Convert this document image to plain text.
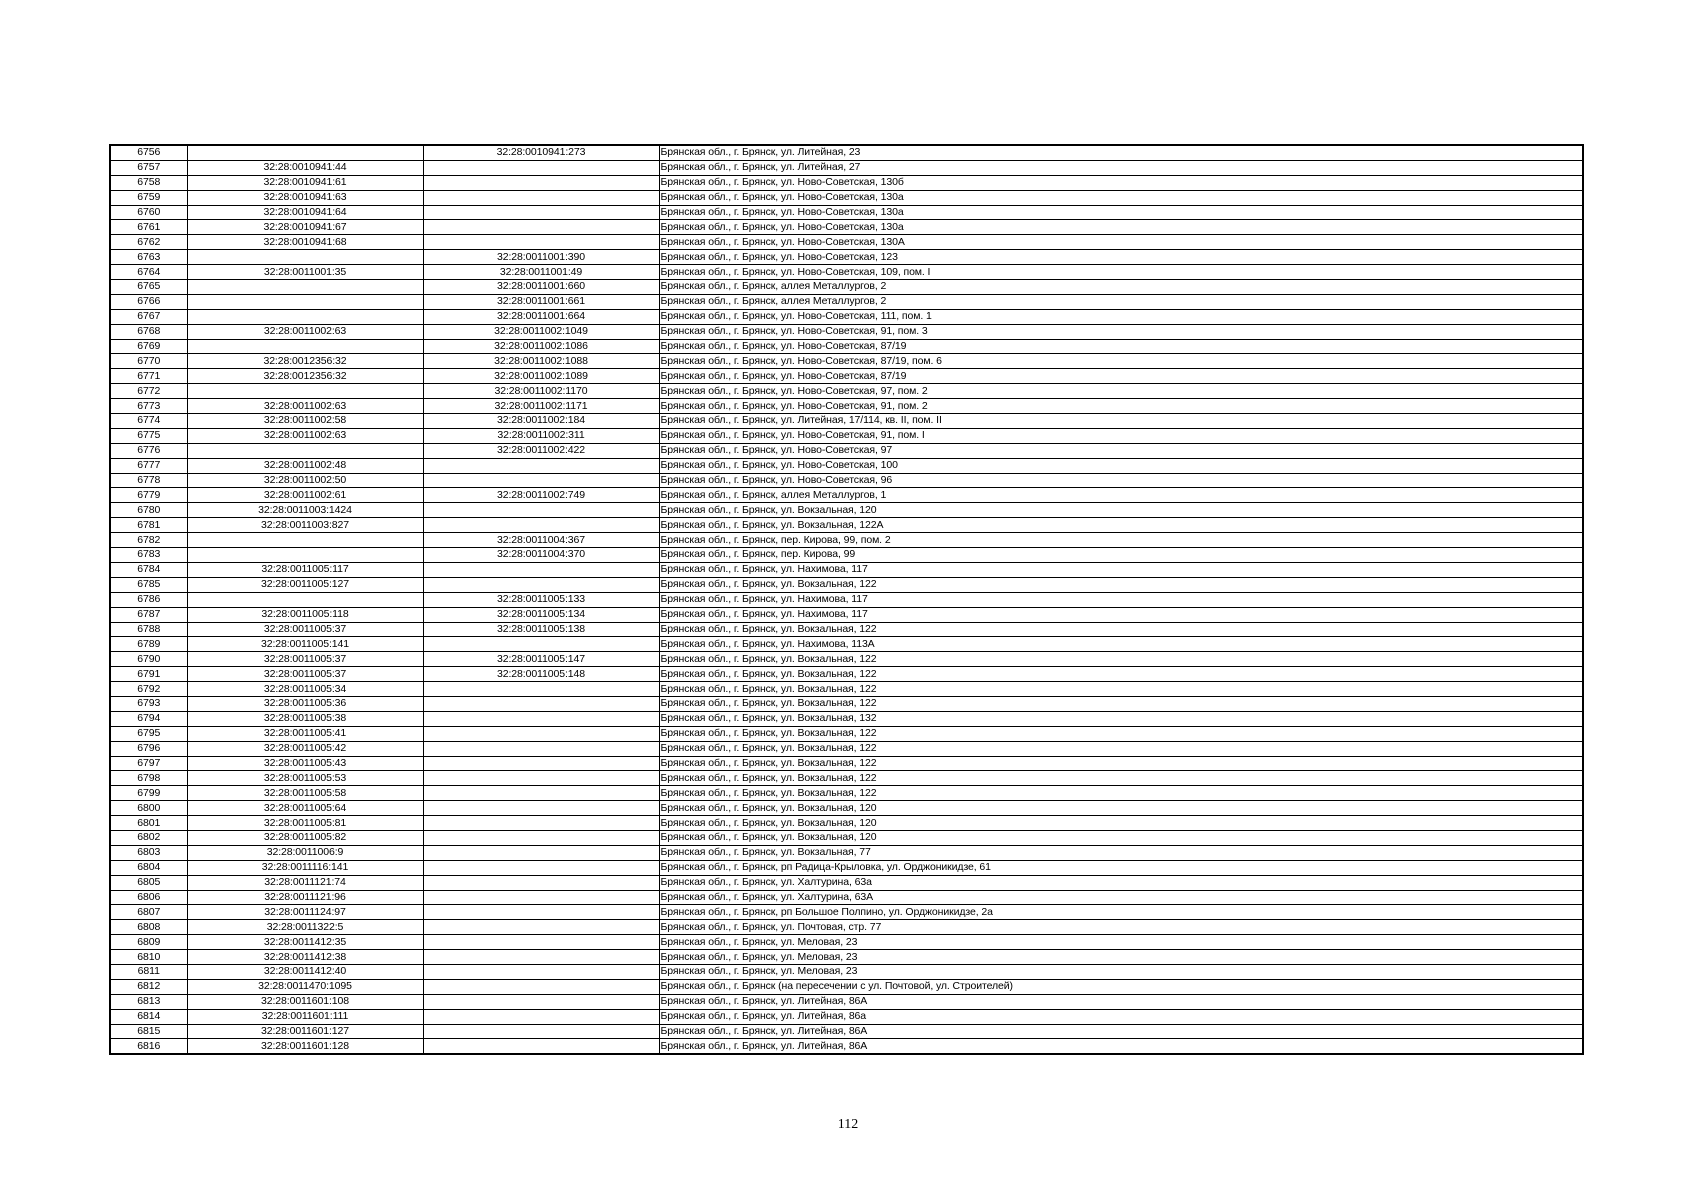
6756		32:28:0010941:273	Брянская обл., г. Брянск, ул. Литейная, 23
6757	32:28:0010941:44		Брянская обл., г. Брянск, ул. Литейная, 27
6758	32:28:0010941:61		Брянская обл., г. Брянск, ул. Ново-Советская, 130б
6759	32:28:0010941:63		Брянская обл., г. Брянск, ул. Ново-Советская, 130а
6760	32:28:0010941:64		Брянская обл., г. Брянск, ул. Ново-Советская, 130а
6761	32:28:0010941:67		Брянская обл., г. Брянск, ул. Ново-Советская, 130а
6762	32:28:0010941:68		Брянская обл., г. Брянск, ул. Ново-Советская, 130А
6763		32:28:0011001:390	Брянская обл., г. Брянск, ул. Ново-Советская, 123
6764	32:28:0011001:35	32:28:0011001:49	Брянская обл., г. Брянск, ул. Ново-Советская, 109, пом. I
6765		32:28:0011001:660	Брянская обл., г. Брянск, аллея Металлургов, 2
6766		32:28:0011001:661	Брянская обл., г. Брянск, аллея Металлургов, 2
6767		32:28:0011001:664	Брянская обл., г. Брянск, ул. Ново-Советская, 111, пом. 1
6768	32:28:0011002:63	32:28:0011002:1049	Брянская обл., г. Брянск, ул. Ново-Советская, 91, пом. 3
6769		32:28:0011002:1086	Брянская обл., г. Брянск, ул. Ново-Советская, 87/19
6770	32:28:0012356:32	32:28:0011002:1088	Брянская обл., г. Брянск, ул. Ново-Советская, 87/19, пом. 6
6771	32:28:0012356:32	32:28:0011002:1089	Брянская обл., г. Брянск, ул. Ново-Советская, 87/19
6772		32:28:0011002:1170	Брянская обл., г. Брянск, ул. Ново-Советская, 97, пом. 2
6773	32:28:0011002:63	32:28:0011002:1171	Брянская обл., г. Брянск, ул. Ново-Советская, 91, пом. 2
6774	32:28:0011002:58	32:28:0011002:184	Брянская обл., г. Брянск, ул. Литейная, 17/114, кв. II, пом. II
6775	32:28:0011002:63	32:28:0011002:311	Брянская обл., г. Брянск, ул. Ново-Советская, 91, пом. I
6776		32:28:0011002:422	Брянская обл., г. Брянск, ул. Ново-Советская, 97
6777	32:28:0011002:48		Брянская обл., г. Брянск, ул. Ново-Советская, 100
6778	32:28:0011002:50		Брянская обл., г. Брянск, ул. Ново-Советская, 96
6779	32:28:0011002:61	32:28:0011002:749	Брянская обл., г. Брянск, аллея Металлургов, 1
6780	32:28:0011003:1424		Брянская обл., г. Брянск, ул. Вокзальная, 120
6781	32:28:0011003:827		Брянская обл., г. Брянск, ул. Вокзальная, 122А
6782		32:28:0011004:367	Брянская обл., г. Брянск, пер. Кирова, 99, пом. 2
6783		32:28:0011004:370	Брянская обл., г. Брянск, пер. Кирова, 99
6784	32:28:0011005:117		Брянская обл., г. Брянск, ул. Нахимова, 117
6785	32:28:0011005:127		Брянская обл., г. Брянск, ул. Вокзальная, 122
6786		32:28:0011005:133	Брянская обл., г. Брянск, ул. Нахимова, 117
6787	32:28:0011005:118	32:28:0011005:134	Брянская обл., г. Брянск, ул. Нахимова, 117
6788	32:28:0011005:37	32:28:0011005:138	Брянская обл., г. Брянск, ул. Вокзальная, 122
6789	32:28:0011005:141		Брянская обл., г. Брянск, ул. Нахимова, 113А
6790	32:28:0011005:37	32:28:0011005:147	Брянская обл., г. Брянск, ул. Вокзальная, 122
6791	32:28:0011005:37	32:28:0011005:148	Брянская обл., г. Брянск, ул. Вокзальная, 122
6792	32:28:0011005:34		Брянская обл., г. Брянск, ул. Вокзальная, 122
6793	32:28:0011005:36		Брянская обл., г. Брянск, ул. Вокзальная, 122
6794	32:28:0011005:38		Брянская обл., г. Брянск, ул. Вокзальная, 132
6795	32:28:0011005:41		Брянская обл., г. Брянск, ул. Вокзальная, 122
6796	32:28:0011005:42		Брянская обл., г. Брянск, ул. Вокзальная, 122
6797	32:28:0011005:43		Брянская обл., г. Брянск, ул. Вокзальная, 122
6798	32:28:0011005:53		Брянская обл., г. Брянск, ул. Вокзальная, 122
6799	32:28:0011005:58		Брянская обл., г. Брянск, ул. Вокзальная, 122
6800	32:28:0011005:64		Брянская обл., г. Брянск, ул. Вокзальная, 120
6801	32:28:0011005:81		Брянская обл., г. Брянск, ул. Вокзальная, 120
6802	32:28:0011005:82		Брянская обл., г. Брянск, ул. Вокзальная, 120
6803	32:28:0011006:9		Брянская обл., г. Брянск, ул. Вокзальная, 77
6804	32:28:0011116:141		Брянская обл., г. Брянск, рп Радица-Крыловка, ул. Орджоникидзе, 61
6805	32:28:0011121:74		Брянская обл., г. Брянск, ул. Халтурина, 63а
6806	32:28:0011121:96		Брянская обл., г. Брянск, ул. Халтурина, 63А
6807	32:28:0011124:97		Брянская обл., г. Брянск, рп Большое Полпино, ул. Орджоникидзе, 2а
6808	32:28:0011322:5		Брянская обл., г. Брянск, ул. Почтовая, стр. 77
6809	32:28:0011412:35		Брянская обл., г. Брянск, ул. Меловая, 23
6810	32:28:0011412:38		Брянская обл., г. Брянск, ул. Меловая, 23
6811	32:28:0011412:40		Брянская обл., г. Брянск, ул. Меловая, 23
6812	32:28:0011470:1095		Брянская обл., г. Брянск (на пересечении с ул. Почтовой, ул. Строителей)
6813	32:28:0011601:108		Брянская обл., г. Брянск, ул. Литейная, 86А
6814	32:28:0011601:111		Брянская обл., г. Брянск, ул. Литейная, 86а
6815	32:28:0011601:127		Брянская обл., г. Брянск, ул. Литейная, 86А
6816	32:28:0011601:128		Брянская обл., г. Брянск, ул. Литейная, 86А
112
